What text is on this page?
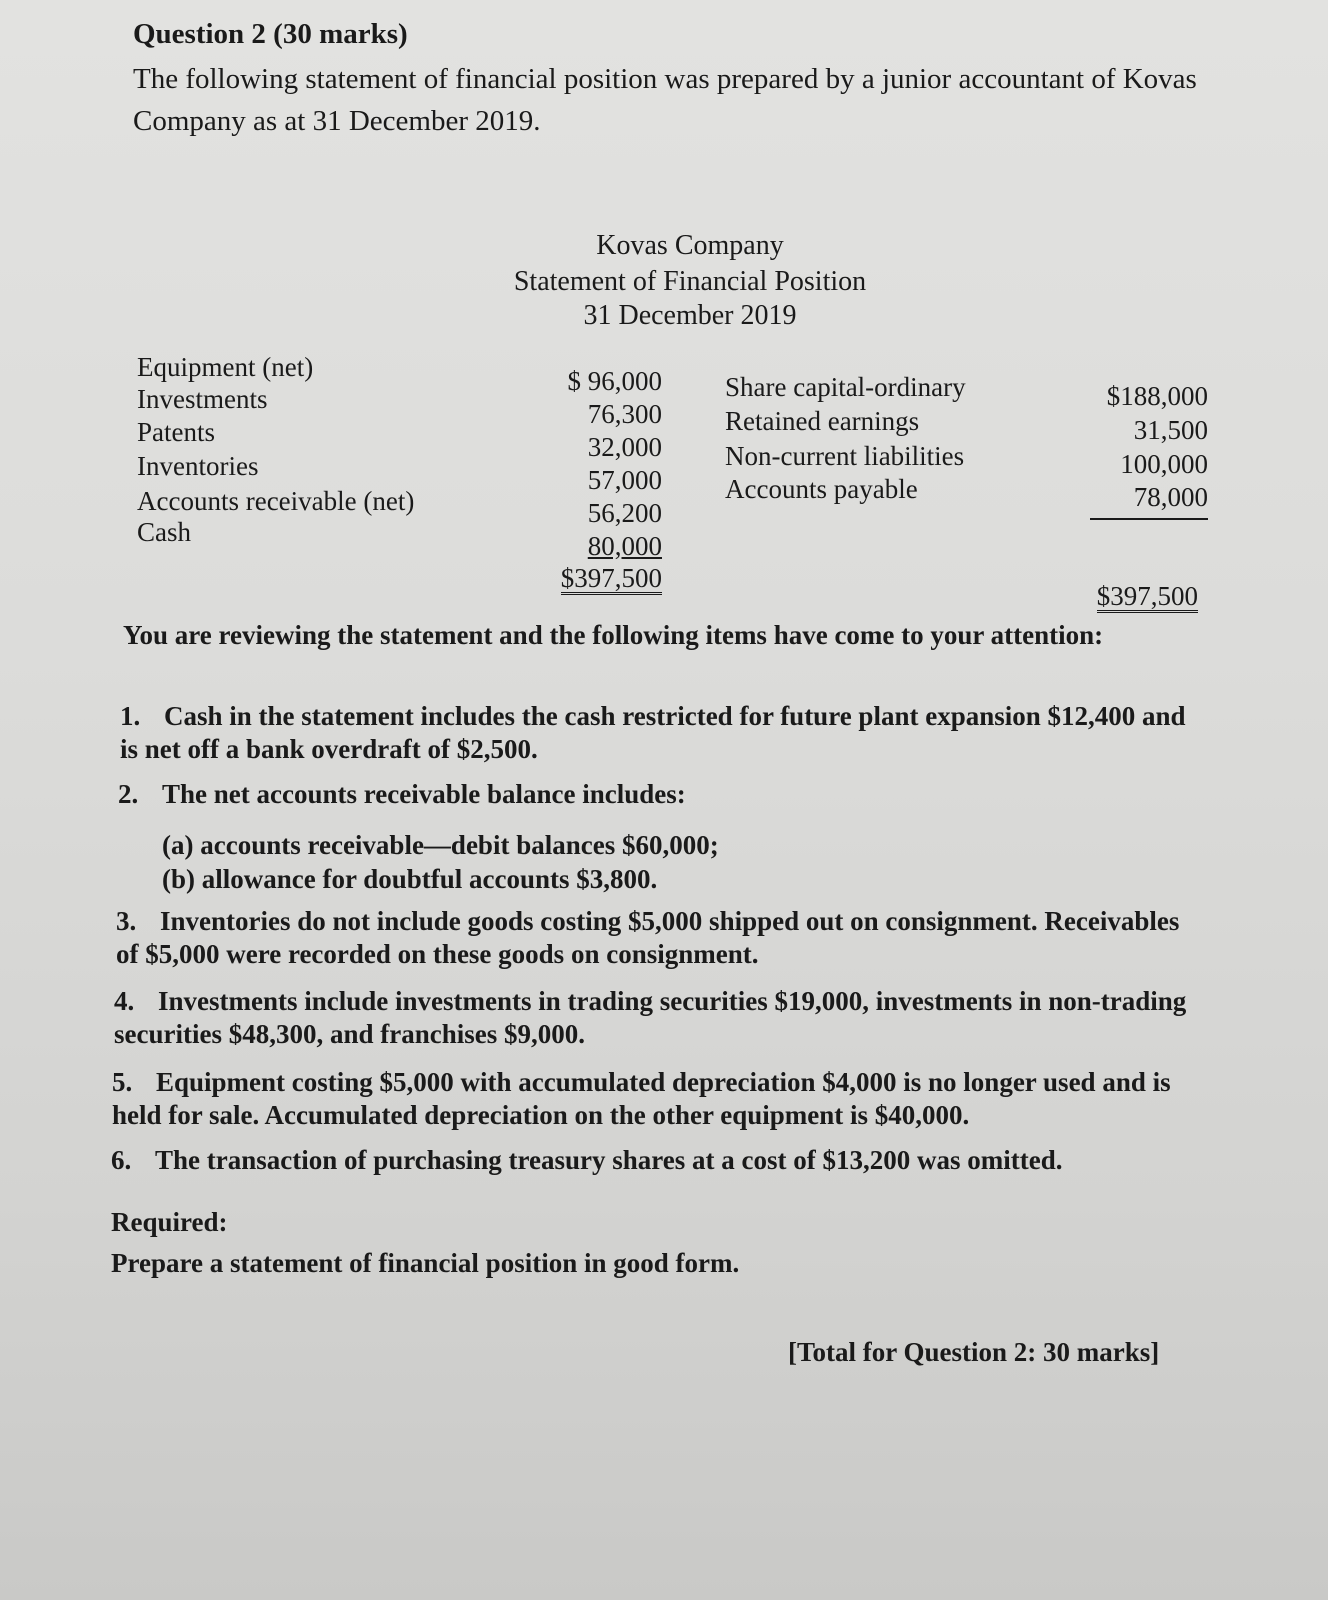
Question 2 (30 marks)
The following statement of financial position was prepared by a junior accountant of Kovas Company as at 31 December 2019.
Kovas Company
Statement of Financial Position
31 December 2019
Equipment (net)
Investments
Patents
Inventories
Accounts receivable (net)
Cash
$ 96,000
76,300
32,000
57,000
56,200
80,000
$397,500
Share capital-ordinary
Retained earnings
Non-current liabilities
Accounts payable
$188,000
31,500
100,000
78,000
$397,500
You are reviewing the statement and the following items have come to your attention:
1. Cash in the statement includes the cash restricted for future plant expansion $12,400 and is net off a bank overdraft of $2,500.
2. The net accounts receivable balance includes:
(a) accounts receivable—debit balances $60,000;
(b) allowance for doubtful accounts $3,800.
3. Inventories do not include goods costing $5,000 shipped out on consignment. Receivables of $5,000 were recorded on these goods on consignment.
4. Investments include investments in trading securities $19,000, investments in non-trading securities $48,300, and franchises $9,000.
5. Equipment costing $5,000 with accumulated depreciation $4,000 is no longer used and is held for sale. Accumulated depreciation on the other equipment is $40,000.
6. The transaction of purchasing treasury shares at a cost of $13,200 was omitted.
Required:
Prepare a statement of financial position in good form.
[Total for Question 2: 30 marks]
